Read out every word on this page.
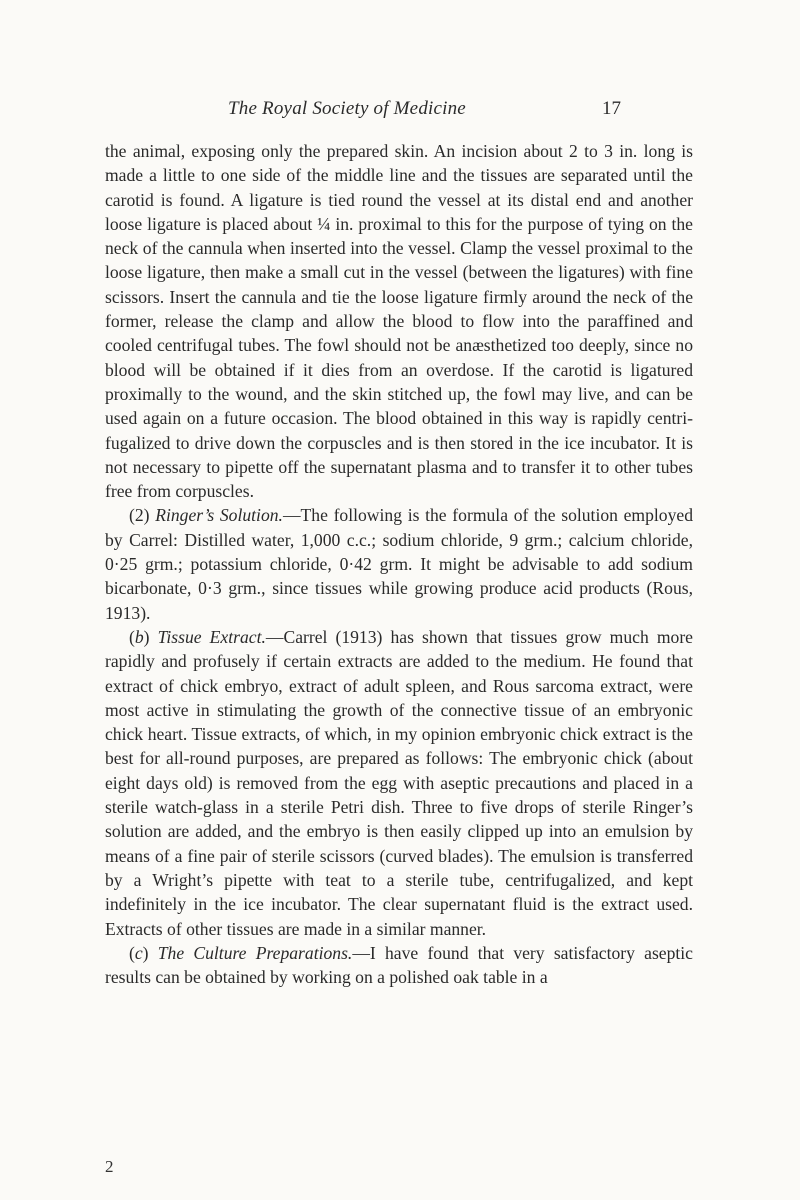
The Royal Society of Medicine	17

the animal, exposing only the prepared skin. An incision about 2 to 3 in. long is made a little to one side of the middle line and the tissues are separated until the carotid is found. A ligature is tied round the vessel at its distal end and another loose ligature is placed about ¼ in. proximal to this for the purpose of tying on the neck of the cannula when inserted into the vessel. Clamp the vessel proximal to the loose ligature, then make a small cut in the vessel (between the ligatures) with fine scissors. Insert the cannula and tie the loose ligature firmly around the neck of the former, release the clamp and allow the blood to flow into the paraffined and cooled centrifugal tubes. The fowl should not be anæsthetized too deeply, since no blood will be obtained if it dies from an overdose. If the carotid is ligatured proximally to the wound, and the skin stitched up, the fowl may live, and can be used again on a future occasion. The blood obtained in this way is rapidly centri-fugalized to drive down the corpuscles and is then stored in the ice incubator. It is not necessary to pipette off the supernatant plasma and to transfer it to other tubes free from corpuscles.

(2) Ringer’s Solution.—The following is the formula of the solution employed by Carrel: Distilled water, 1,000 c.c.; sodium chloride, 9 grm.; calcium chloride, 0·25 grm.; potassium chloride, 0·42 grm. It might be advisable to add sodium bicarbonate, 0·3 grm., since tissues while growing produce acid products (Rous, 1913).

(b) Tissue Extract.—Carrel (1913) has shown that tissues grow much more rapidly and profusely if certain extracts are added to the medium. He found that extract of chick embryo, extract of adult spleen, and Rous sarcoma extract, were most active in stimulating the growth of the connective tissue of an embryonic chick heart. Tissue extracts, of which, in my opinion embryonic chick extract is the best for all-round purposes, are prepared as follows: The embryonic chick (about eight days old) is removed from the egg with aseptic precautions and placed in a sterile watch-glass in a sterile Petri dish. Three to five drops of sterile Ringer’s solution are added, and the embryo is then easily clipped up into an emulsion by means of a fine pair of sterile scissors (curved blades). The emulsion is transferred by a Wright’s pipette with teat to a sterile tube, centrifugalized, and kept indefinitely in the ice incubator. The clear supernatant fluid is the extract used. Extracts of other tissues are made in a similar manner.

(c) The Culture Preparations.—I have found that very satisfactory aseptic results can be obtained by working on a polished oak table in a

2
